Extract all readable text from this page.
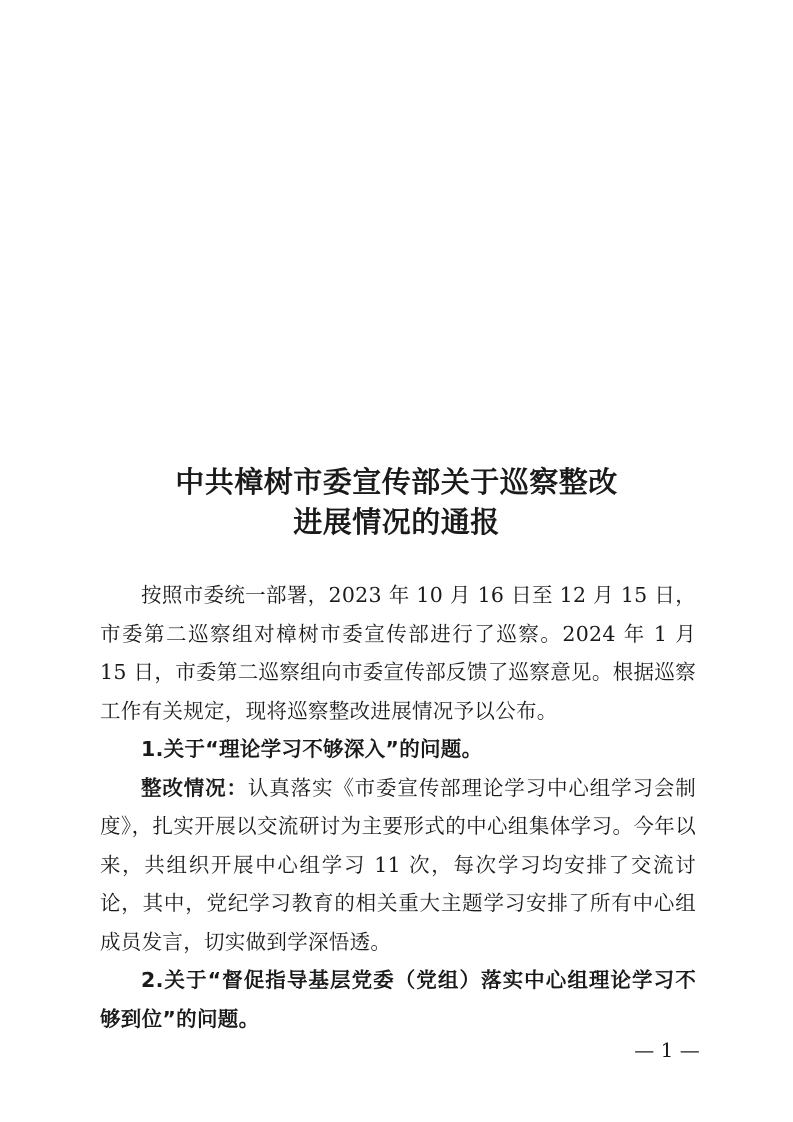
中共樟树市委宣传部关于巡察整改
进展情况的通报

按照市委统一部署，2023 年 10 月 16 日至 12 月 15 日，市委第二巡察组对樟树市委宣传部进行了巡察。2024 年 1 月 15 日，市委第二巡察组向市委宣传部反馈了巡察意见。根据巡察工作有关规定，现将巡察整改进展情况予以公布。

1.关于“理论学习不够深入”的问题。

整改情况：认真落实《市委宣传部理论学习中心组学习会制度》，扎实开展以交流研讨为主要形式的中心组集体学习。今年以来，共组织开展中心组学习 11 次，每次学习均安排了交流讨论，其中，党纪学习教育的相关重大主题学习安排了所有中心组成员发言，切实做到学深悟透。

2.关于“督促指导基层党委（党组）落实中心组理论学习不够到位”的问题。

— 1 —
